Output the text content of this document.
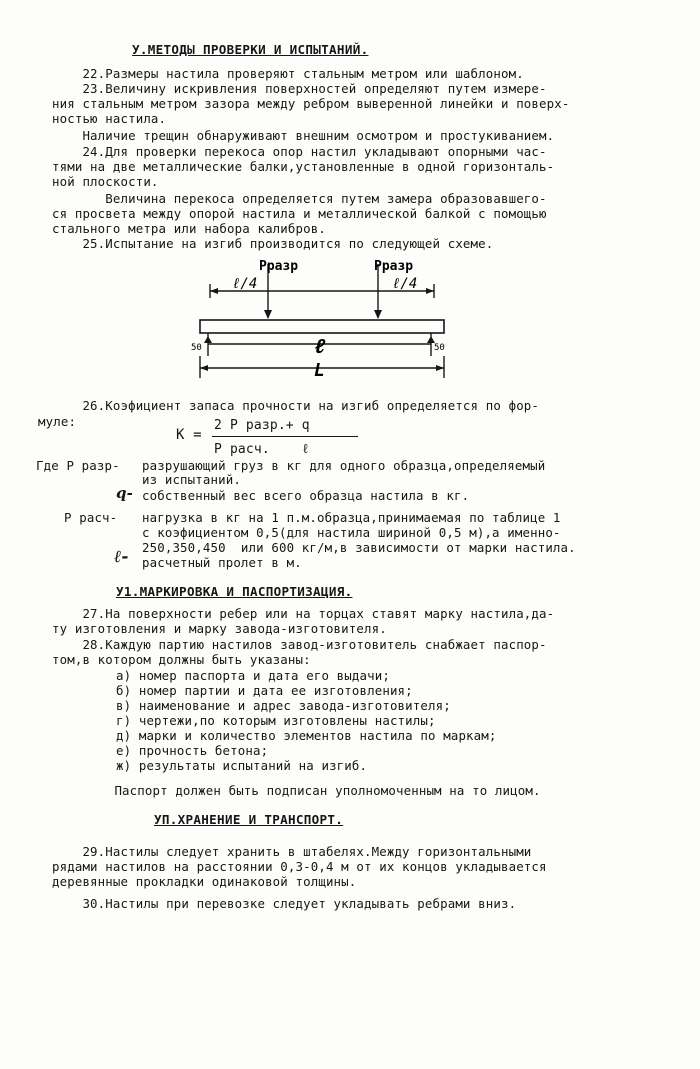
У.МЕТОДЫ ПРОВЕРКИ И ИСПЫТАНИЙ.
22.Размеры настила проверяют стальным метром или шаблоном.
23.Величину искривления поверхностей определяют путем измере-
ния стальным метром зазора между ребром выверенной линейки и поверх-
ностью настила.
Наличие трещин обнаруживают внешним осмотром и простукиванием.
24.Для проверки перекоса опор настил укладывают опорными час-
тями на две металлические балки,установленные в одной горизонталь-
ной плоскости.
Величина перекоса определяется путем замера образовавшего-
ся просвета между опорой настила и металлической балкой с помощью
стального метра или набора калибров.
25.Испытание на изгиб производится по следующей схеме.
Pразр	Pразр
ℓ/4	ℓ/4
ℓ
L
50	50
26.Коэфициент запаса прочности на изгиб определяется по фор-
муле:
K =
2 P разр.+ q
P расч.    ℓ
Где P разр- разрушающий груз в кг для одного образца,определяемый
из испытаний.
q- собственный вес всего образца настила в кг.
P расч- нагрузка в кг на 1 п.м.образца,принимаемая по таблице 1
с коэфициентом 0,5(для настила шириной 0,5 м),а именно-
250,350,450  или 600 кг/м,в зависимости от марки настила.
ℓ- расчетный пролет в м.
У1.МАРКИРОВКА И ПАСПОРТИЗАЦИЯ.
27.На поверхности ребер или на торцах ставят марку настила,да-
ту изготовления и марку завода-изготовителя.
28.Каждую партию настилов завод-изготовитель снабжает паспор-
том,в котором должны быть указаны:
а) номер паспорта и дата его выдачи;
б) номер партии и дата ее изготовления;
в) наименование и адрес завода-изготовителя;
г) чертежи,по которым изготовлены настилы;
д) марки и количество элементов настила по маркам;
е) прочность бетона;
ж) результаты испытаний на изгиб.
Паспорт должен быть подписан уполномоченным на то лицом.
УП.ХРАНЕНИЕ И ТРАНСПОРТ.
29.Настилы следует хранить в штабелях.Между горизонтальными
рядами настилов на расстоянии 0,3-0,4 м от их концов укладывается
деревянные прокладки одинаковой толщины.
30.Настилы при перевозке следует укладывать ребрами вниз.
